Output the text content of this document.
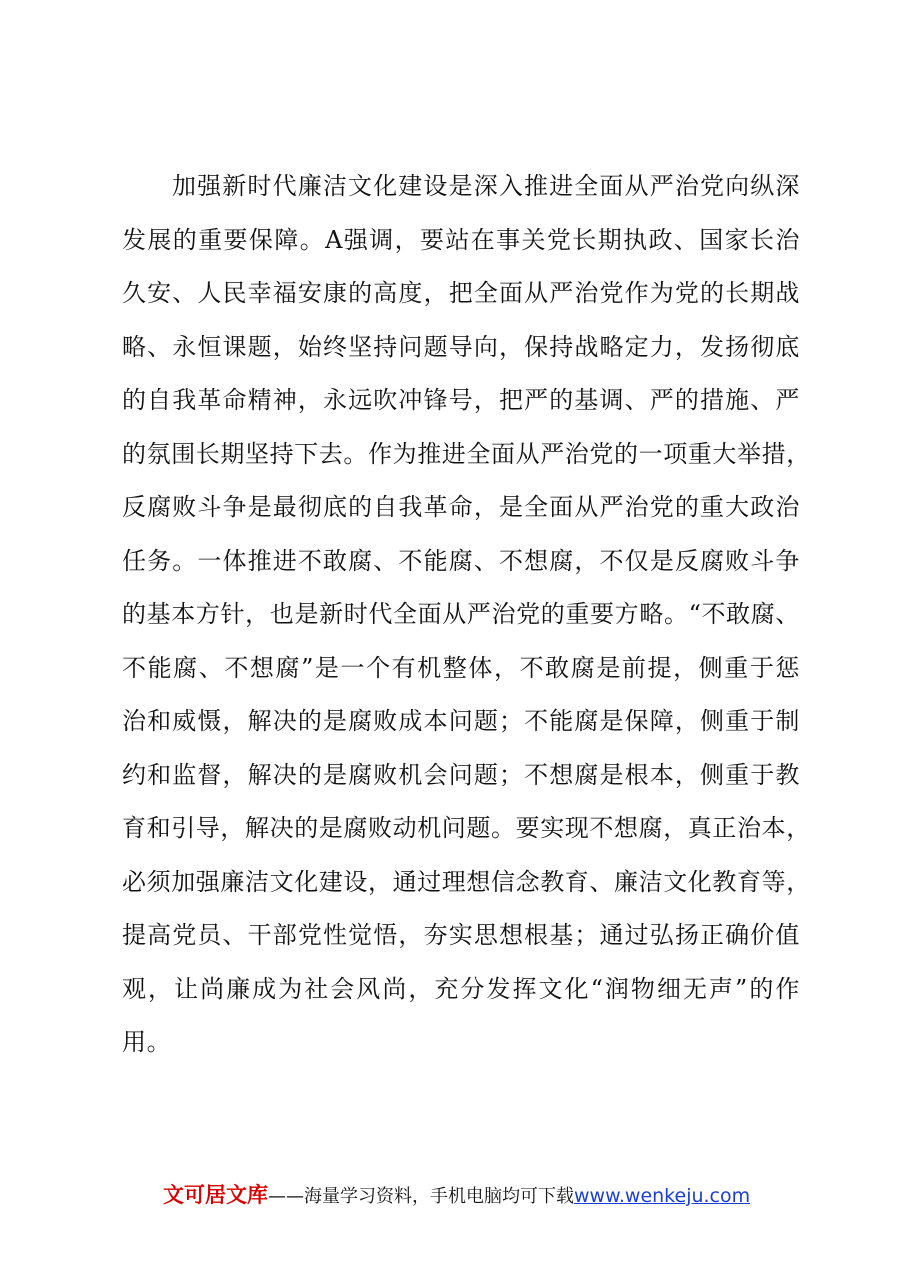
加强新时代廉洁文化建设是深入推进全面从严治党向纵深
发展的重要保障。A强调，要站在事关党长期执政、国家长治
久安、人民幸福安康的高度，把全面从严治党作为党的长期战
略、永恒课题，始终坚持问题导向，保持战略定力，发扬彻底
的自我革命精神，永远吹冲锋号，把严的基调、严的措施、严
的氛围长期坚持下去。作为推进全面从严治党的一项重大举措，
反腐败斗争是最彻底的自我革命，是全面从严治党的重大政治
任务。一体推进不敢腐、不能腐、不想腐，不仅是反腐败斗争
的基本方针，也是新时代全面从严治党的重要方略。“不敢腐、
不能腐、不想腐”是一个有机整体，不敢腐是前提，侧重于惩
治和威慑，解决的是腐败成本问题；不能腐是保障，侧重于制
约和监督，解决的是腐败机会问题；不想腐是根本，侧重于教
育和引导，解决的是腐败动机问题。要实现不想腐，真正治本，
必须加强廉洁文化建设，通过理想信念教育、廉洁文化教育等，
提高党员、干部党性觉悟，夯实思想根基；通过弘扬正确价值
观，让尚廉成为社会风尚，充分发挥文化“润物细无声”的作
用。
文可居文库——海量学习资料，手机电脑均可下载www.wenkeju.com
